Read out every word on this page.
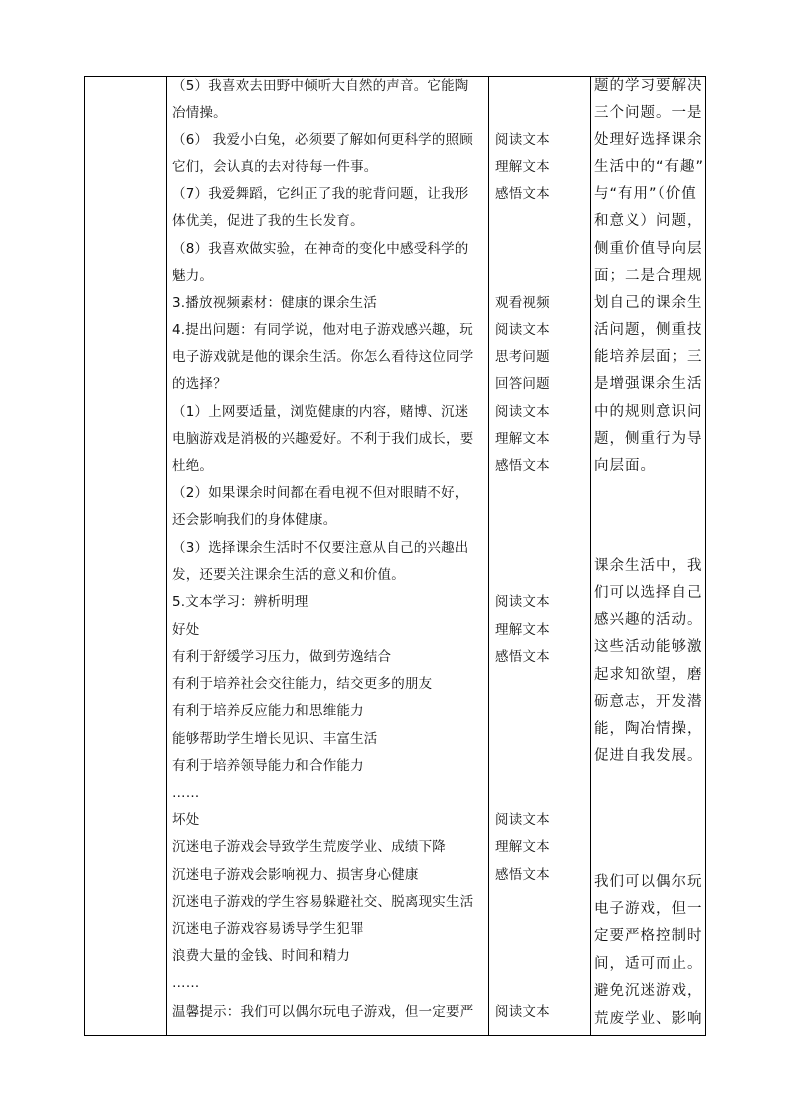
（5）我喜欢去田野中倾听大自然的声音。它能陶
冶情操。
（6） 我爱小白兔，必须要了解如何更科学的照顾
它们，会认真的去对待每一件事。
（7）我爱舞蹈，它纠正了我的驼背问题，让我形
体优美，促进了我的生长发育。
（8）我喜欢做实验，在神奇的变化中感受科学的
魅力。
3.播放视频素材：健康的课余生活
4.提出问题：有同学说，他对电子游戏感兴趣，玩
电子游戏就是他的课余生活。你怎么看待这位同学
的选择？
（1）上网要适量，浏览健康的内容，赌博、沉迷
电脑游戏是消极的兴趣爱好。不利于我们成长，要
杜绝。
（2）如果课余时间都在看电视不但对眼睛不好，
还会影响我们的身体健康。
（3）选择课余生活时不仅要注意从自己的兴趣出
发，还要关注课余生活的意义和价值。
5.文本学习：辨析明理
好处
有利于舒缓学习压力，做到劳逸结合
有利于培养社会交往能力，结交更多的朋友
有利于培养反应能力和思维能力
能够帮助学生增长见识、丰富生活
有利于培养领导能力和合作能力
……
坏处
沉迷电子游戏会导致学生荒废学业、成绩下降
沉迷电子游戏会影响视力、损害身心健康
沉迷电子游戏的学生容易躲避社交、脱离现实生活
沉迷电子游戏容易诱导学生犯罪
浪费大量的金钱、时间和精力
……
温馨提示：我们可以偶尔玩电子游戏，但一定要严
阅读文本
理解文本
感悟文本
观看视频
阅读文本
思考问题
回答问题
阅读文本
理解文本
感悟文本
阅读文本
理解文本
感悟文本
阅读文本
理解文本
感悟文本
阅读文本
题的学习要解决
三个问题。一是
处理好选择课余
生活中的“有趣”
与“有用”（价值
和意义）问题，
侧重价值导向层
面；二是合理规
划自己的课余生
活问题，侧重技
能培养层面；三
是增强课余生活
中的规则意识问
题，侧重行为导
向层面。
课余生活中，我
们可以选择自己
感兴趣的活动。
这些活动能够激
起求知欲望，磨
砺意志，开发潜
能，陶冶情操，
促进自我发展。
我们可以偶尔玩
电子游戏，但一
定要严格控制时
间，适可而止。
避免沉迷游戏，
荒废学业、影响
